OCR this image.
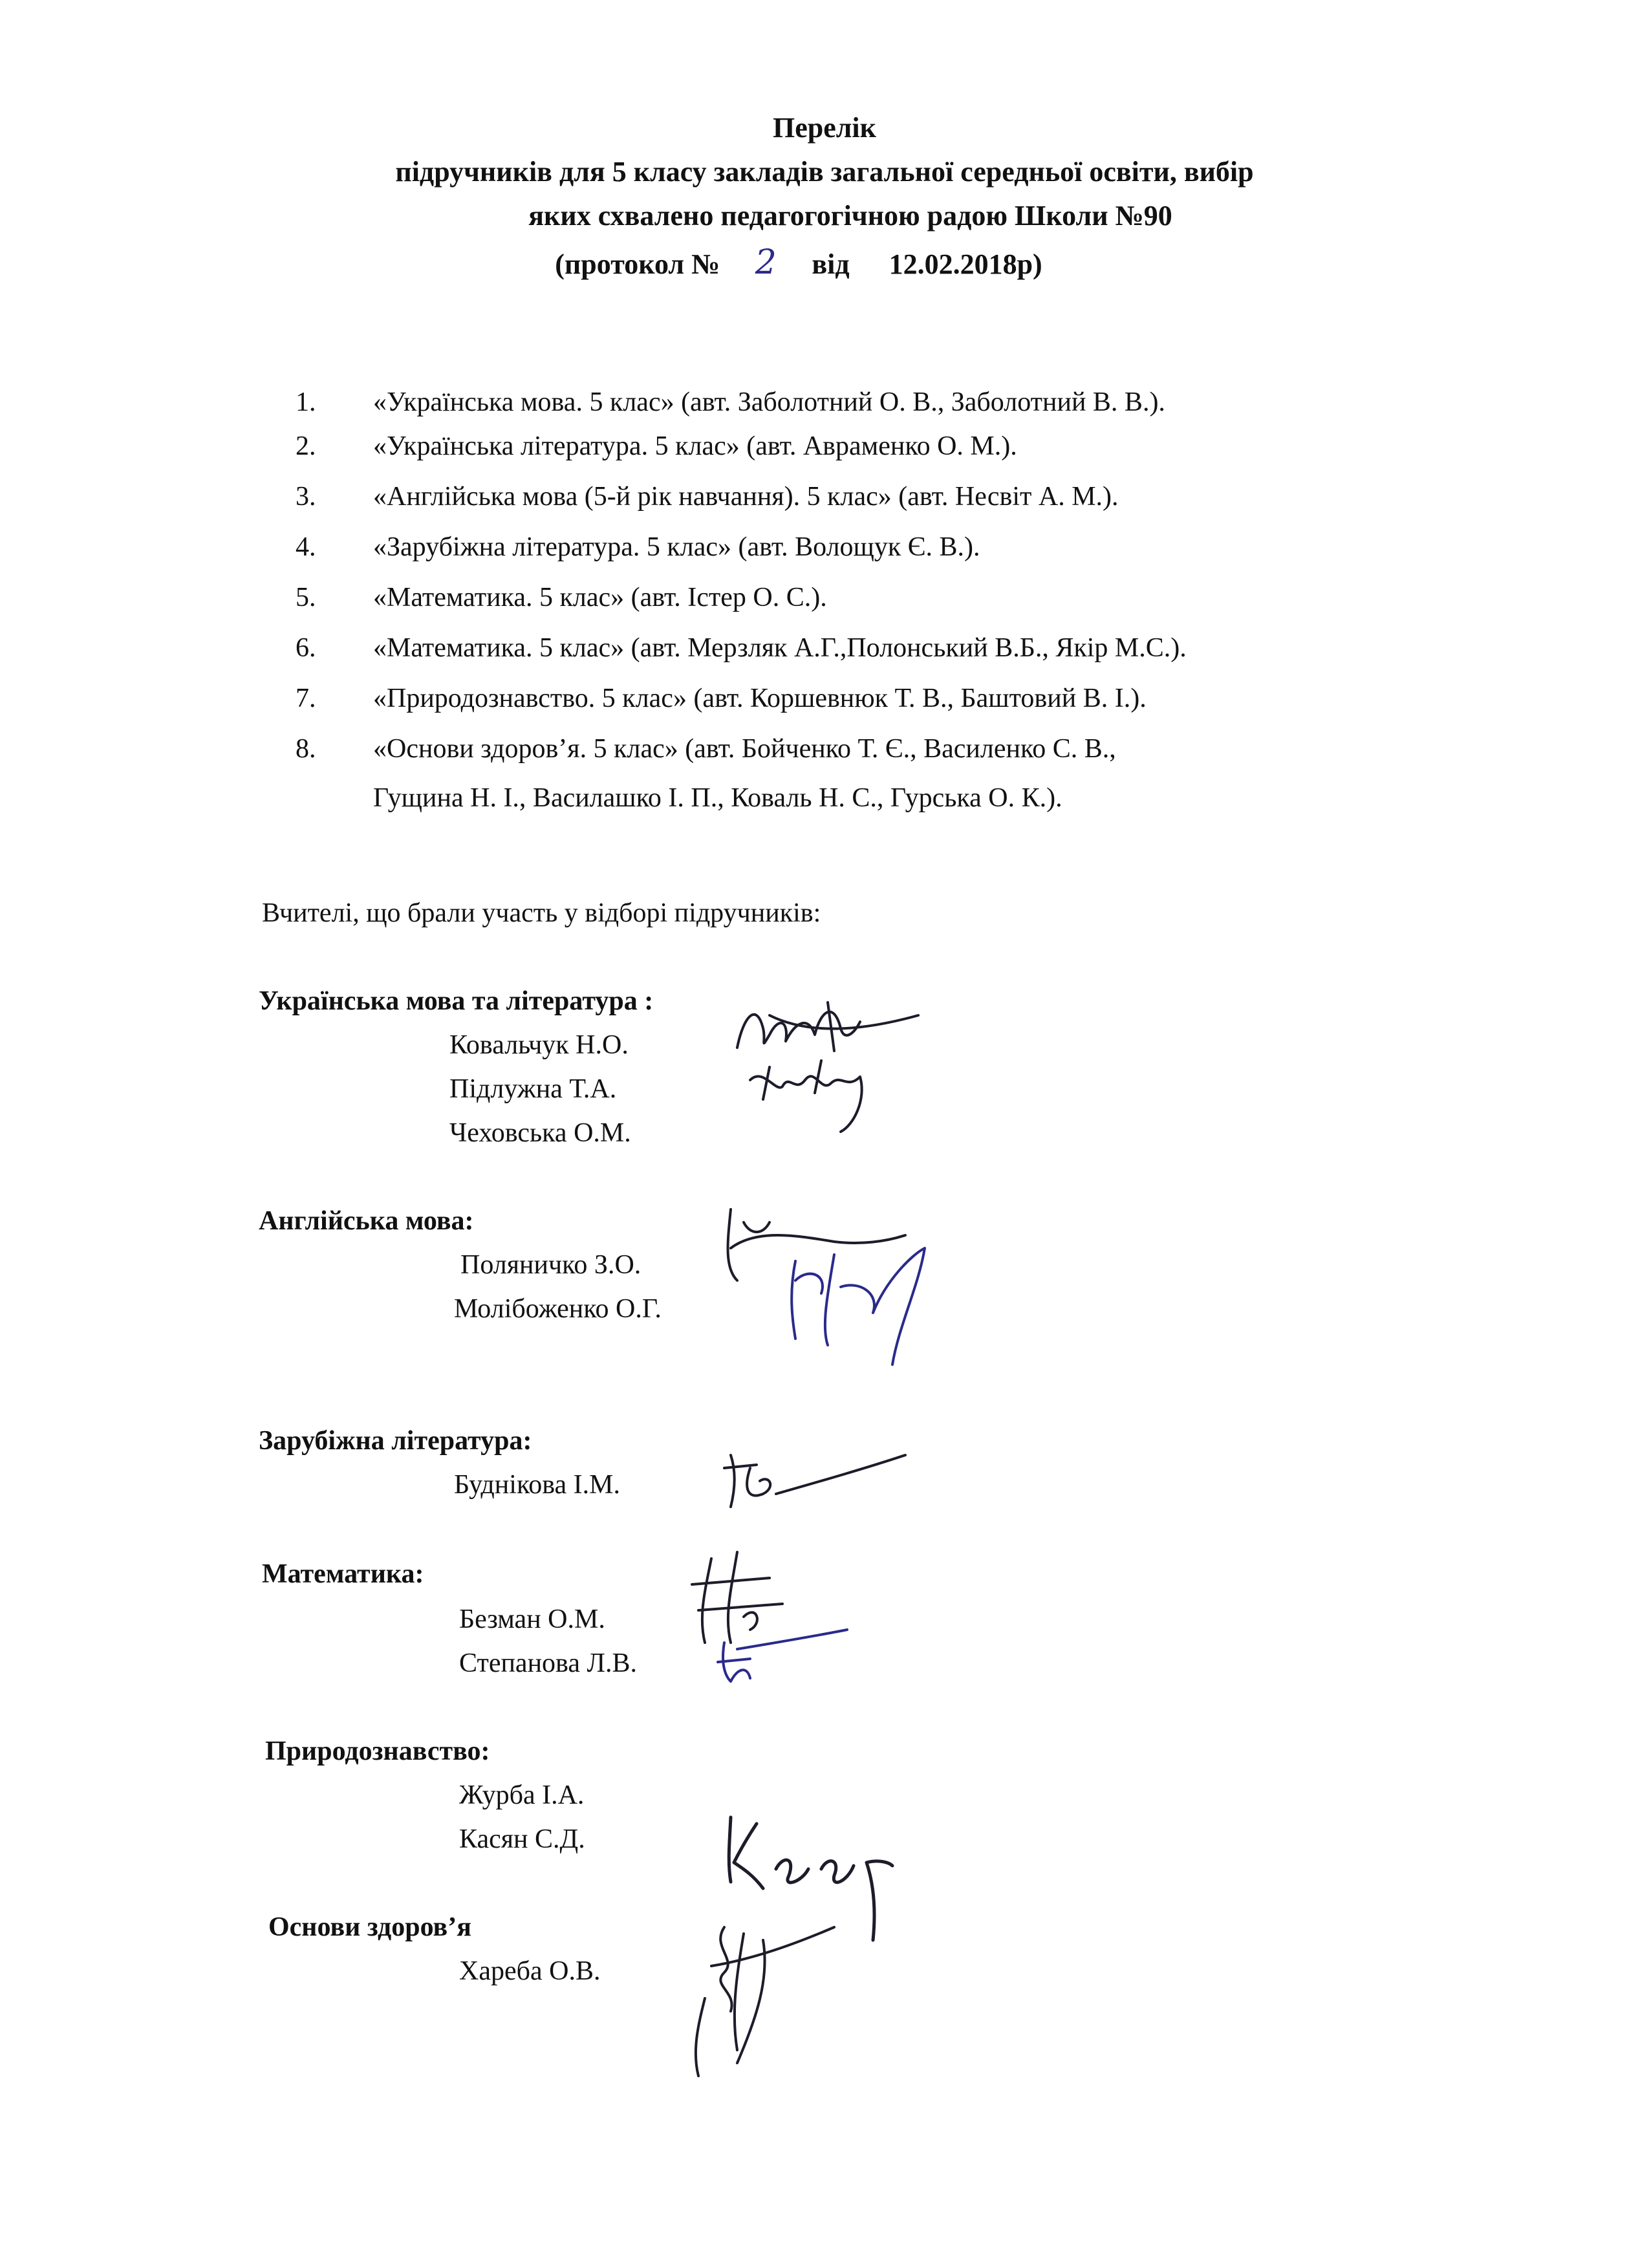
Перелік
підручників для 5 класу закладів загальної середньої освіти, вибір
яких схвалено педагогогічною радою Школи №90
(протокол № 2 від 12.02.2018р)
1. «Українська мова. 5 клас» (авт. Заболотний О. В., Заболотний В. В.).
2. «Українська література. 5 клас» (авт. Авраменко О. М.).
3. «Англійська мова (5-й рік навчання). 5 клас» (авт. Несвіт А. М.).
4. «Зарубіжна література. 5 клас» (авт. Волощук Є. В.).
5. «Математика. 5 клас» (авт. Істер О. С.).
6. «Математика. 5 клас» (авт. Мерзляк А.Г.,Полонський В.Б., Якір М.С.).
7. «Природознавство. 5 клас» (авт. Коршевнюк Т. В., Баштовий В. І.).
8. «Основи здоров’я. 5 клас» (авт. Бойченко Т. Є., Василенко С. В.,
Гущина Н. І., Василашко І. П., Коваль Н. С., Гурська О. К.).
Вчителі, що брали участь у відборі підручників:
Українська мова та література :
Ковальчук Н.О.
Підлужна Т.А.
Чеховська О.М.
Англійська мова:
Поляничко З.О.
Молібоженко О.Г.
Зарубіжна література:
Буднікова І.М.
Математика:
Безман О.М.
Степанова Л.В.
Природознавство:
Журба І.А.
Касян С.Д.
Основи здоров’я
Хареба О.В.
